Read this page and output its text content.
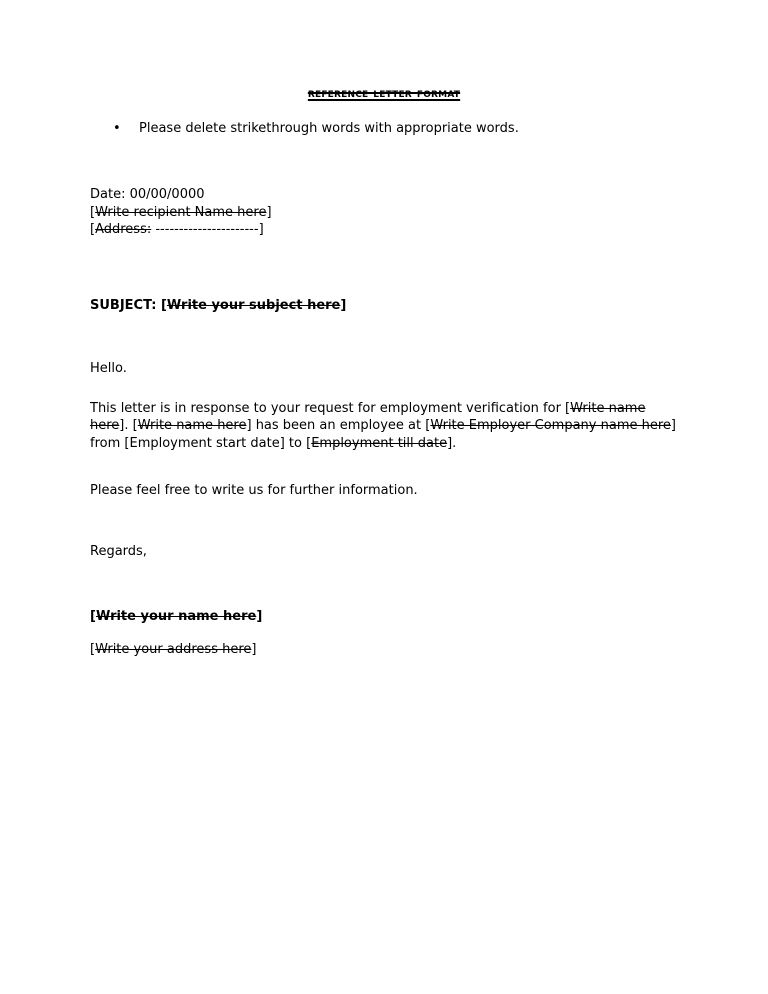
reference letter format
• Please delete strikethrough words with appropriate words.
Date: 00/00/0000
[Write recipient Name here]
[Address: ----------------------]
SUBJECT: [Write your subject here]
Hello.
This letter is in response to your request for employment verification for [Write name here]. [Write name here] has been an employee at [Write Employer Company name here] from [Employment start date] to [Employment till date].
Please feel free to write us for further information.
Regards,
[Write your name here]
[Write your address here]
